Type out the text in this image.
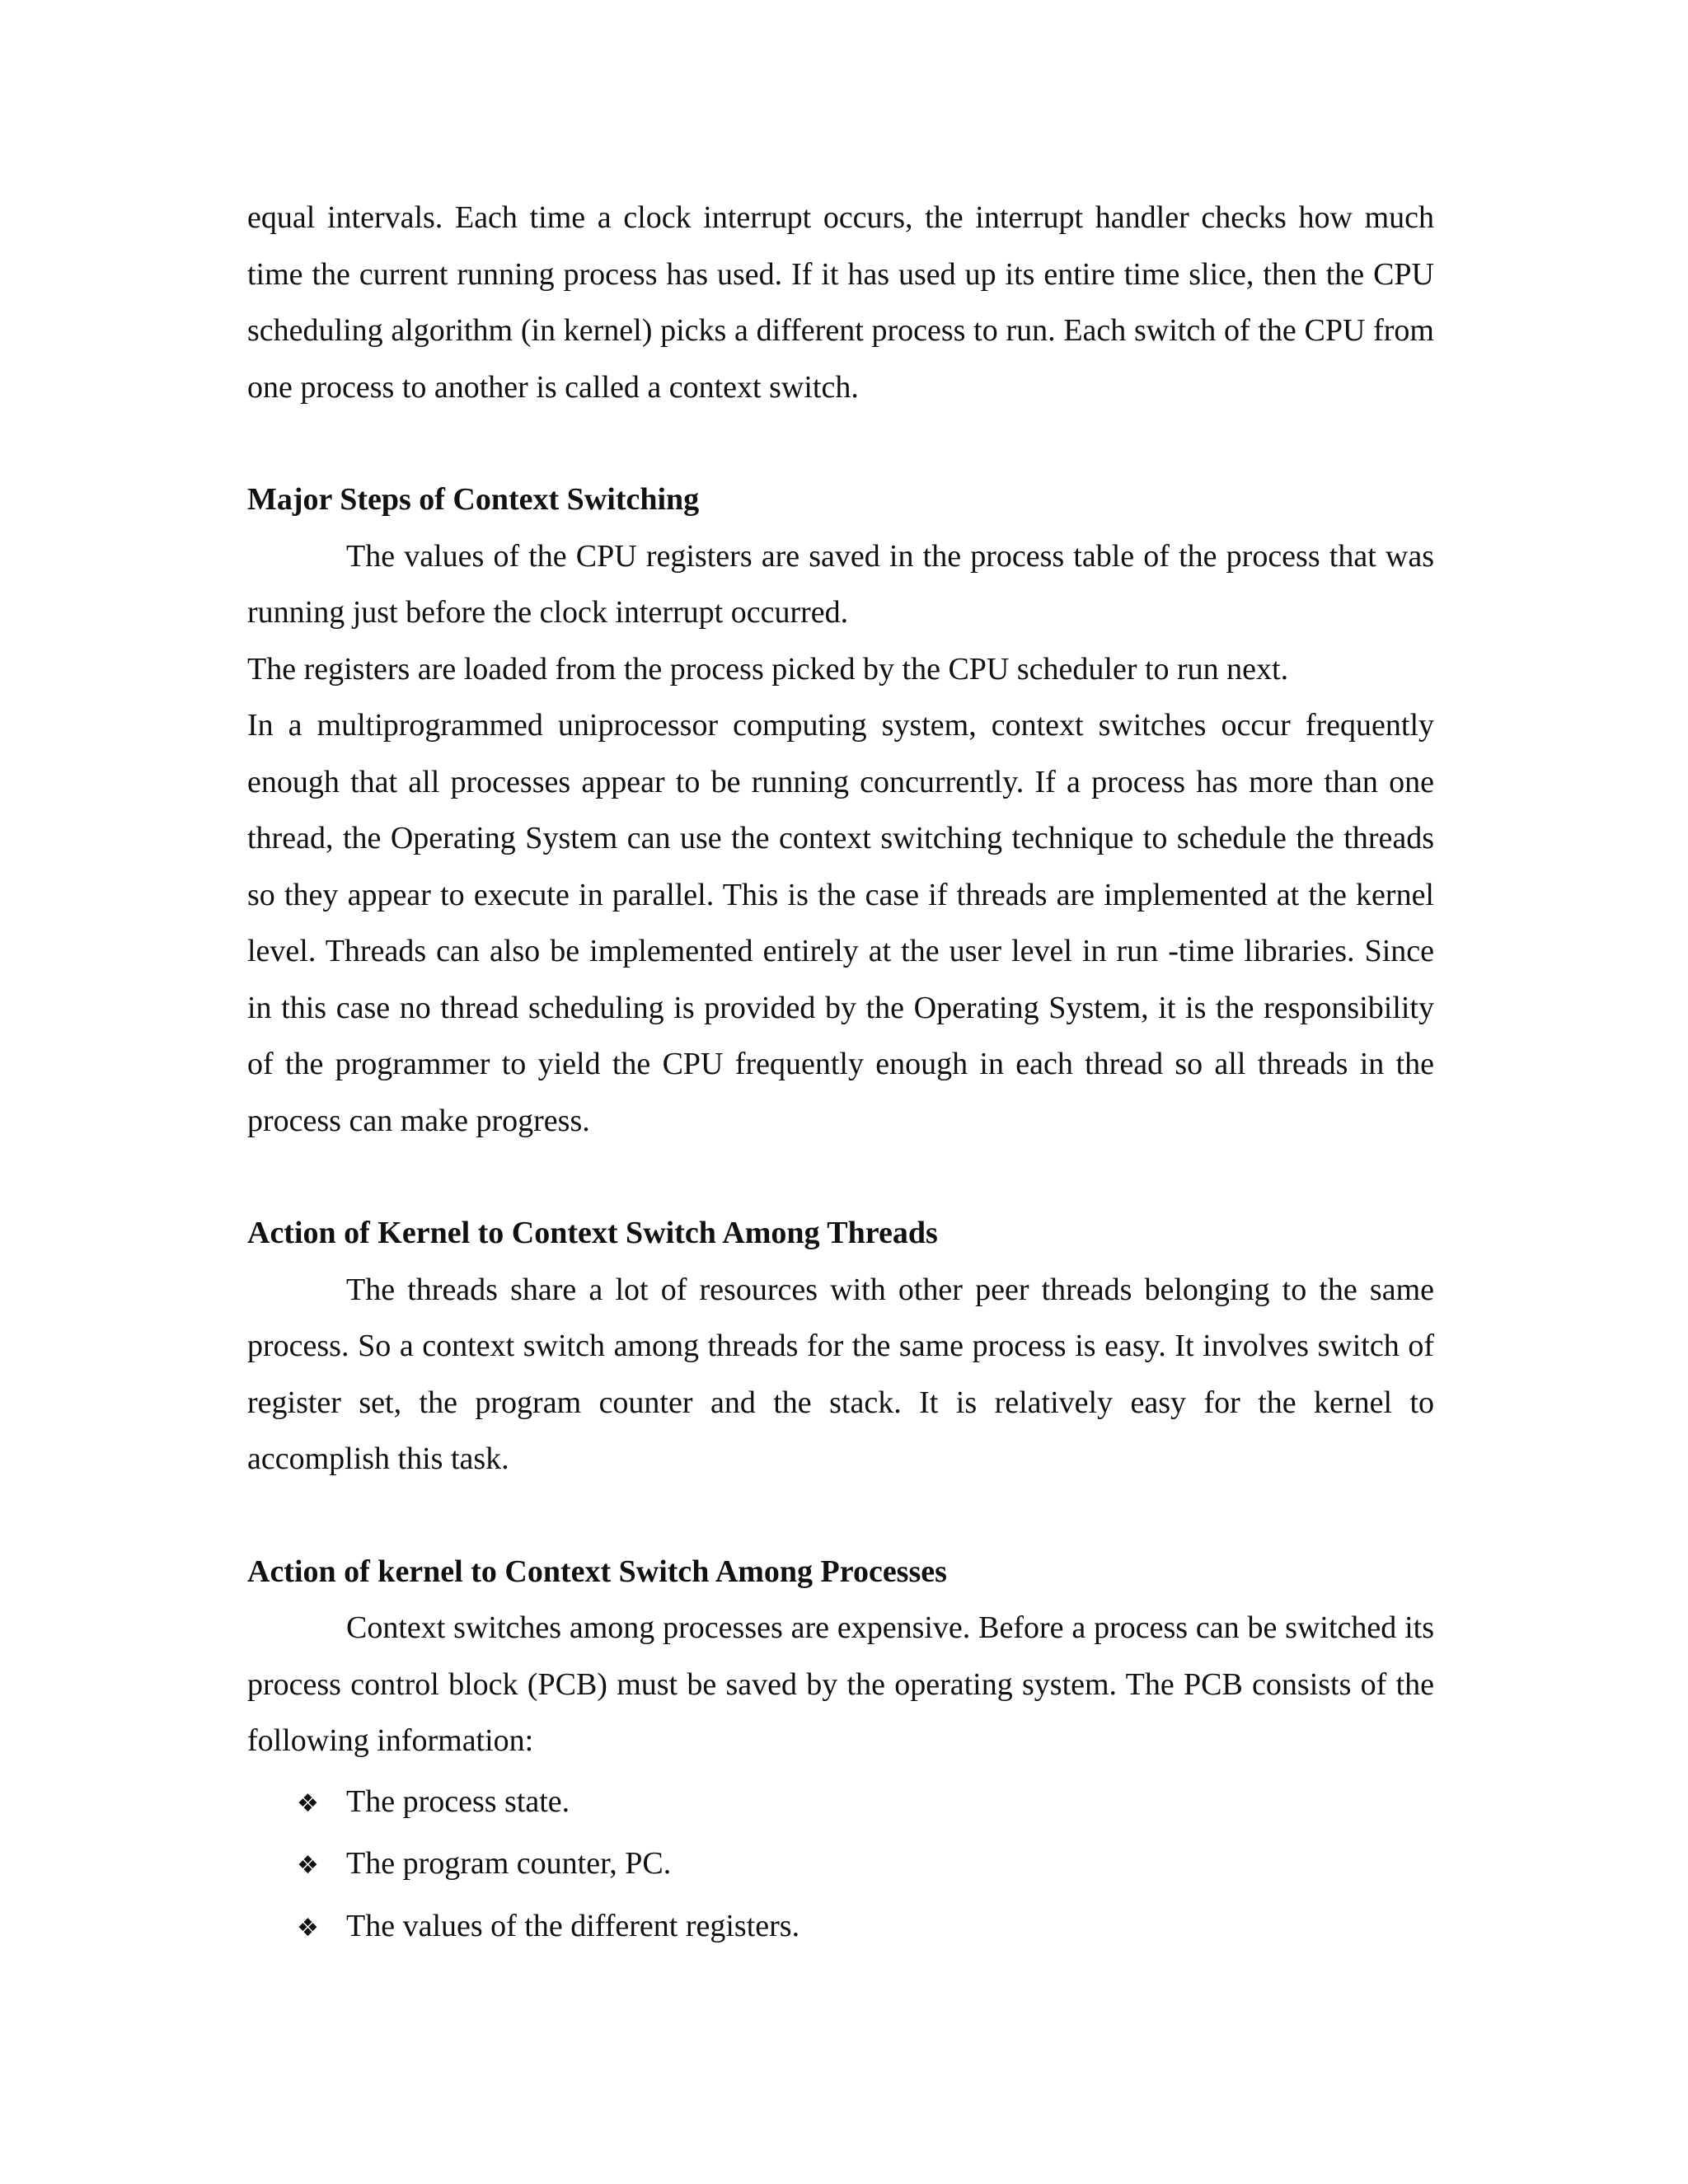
equal intervals. Each time a clock interrupt occurs, the interrupt handler checks how much time the current running process has used. If it has used up its entire time slice, then the CPU scheduling algorithm (in kernel) picks a different process to run. Each switch of the CPU from one process to another is called a context switch.

Major Steps of Context Switching

The values of the CPU registers are saved in the process table of the process that was running just before the clock interrupt occurred.

The registers are loaded from the process picked by the CPU scheduler to run next.

In a multiprogrammed uniprocessor computing system, context switches occur frequently enough that all processes appear to be running concurrently. If a process has more than one thread, the Operating System can use the context switching technique to schedule the threads so they appear to execute in parallel. This is the case if threads are implemented at the kernel level. Threads can also be implemented entirely at the user level in run -time libraries. Since in this case no thread scheduling is provided by the Operating System, it is the responsibility of the programmer to yield the CPU frequently enough in each thread so all threads in the process can make progress.

Action of Kernel to Context Switch Among Threads

The threads share a lot of resources with other peer threads belonging to the same process. So a context switch among threads for the same process is easy. It involves switch of register set, the program counter and the stack. It is relatively easy for the kernel to accomplish this task.

Action of kernel to Context Switch Among Processes

Context switches among processes are expensive. Before a process can be switched its process control block (PCB) must be saved by the operating system. The PCB consists of the following information:

❖ The process state.
❖ The program counter, PC.
❖ The values of the different registers.
